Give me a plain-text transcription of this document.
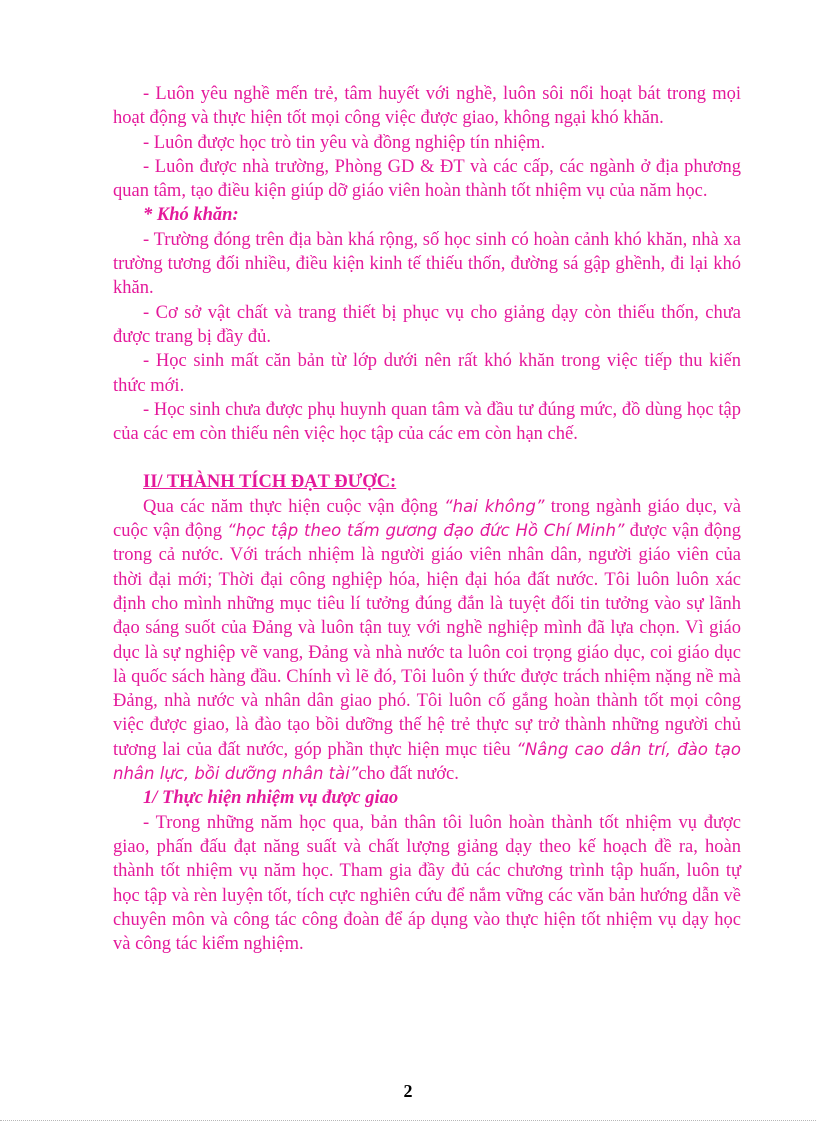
- Luôn yêu nghề mến trẻ, tâm huyết với nghề, luôn sôi nổi hoạt bát trong mọi hoạt động và thực hiện tốt mọi công việc được giao, không ngại khó khăn.

- Luôn được học trò tin yêu và đồng nghiệp tín nhiệm.

- Luôn được nhà trường, Phòng GD & ĐT và các cấp, các ngành ở địa phương quan tâm, tạo điều kiện giúp dỡ giáo viên hoàn thành tốt nhiệm vụ của năm học.

* Khó khăn:

- Trường đóng trên địa bàn khá rộng, số học sinh có hoàn cảnh khó khăn, nhà xa trường tương đối nhiều, điều kiện kinh tế thiếu thốn, đường sá gập ghềnh, đi lại khó khăn.

- Cơ sở vật chất và trang thiết bị phục vụ cho giảng dạy còn thiếu thốn, chưa được trang bị đầy đủ.

- Học sinh mất căn bản từ lớp dưới nên rất khó khăn trong việc tiếp thu kiến thức mới.

- Học sinh chưa được phụ huynh quan tâm và đầu tư đúng mức, đồ dùng học tập của các em còn thiếu nên việc học tập của các em còn hạn chế.

II/ THÀNH TÍCH ĐẠT ĐƯỢC:

Qua các năm thực hiện cuộc vận động “hai không” trong ngành giáo dục, và cuộc vận động “học tập theo tấm gương đạo đức Hồ Chí Minh” được vận động trong cả nước. Với trách nhiệm là người giáo viên nhân dân, người giáo viên của thời đại mới; Thời đại công nghiệp hóa, hiện đại hóa đất nước. Tôi luôn luôn xác định cho mình những mục tiêu lí tưởng đúng đắn là tuyệt đối tin tưởng vào sự lãnh đạo sáng suốt của Đảng và luôn tận tuỵ với nghề nghiệp mình đã lựa chọn. Vì giáo dục là sự nghiệp vẽ vang, Đảng và nhà nước ta luôn coi trọng giáo dục, coi giáo dục là quốc sách hàng đầu. Chính vì lẽ đó, Tôi luôn ý thức được trách nhiệm nặng nề mà Đảng, nhà nước và nhân dân giao phó. Tôi luôn cố gắng hoàn thành tốt mọi công việc được giao, là đào tạo bồi dưỡng thế hệ trẻ thực sự trở thành những người chủ tương lai của đất nước, góp phần thực hiện mục tiêu “Nâng cao dân trí, đào tạo nhân lực, bồi dưỡng nhân tài”cho đất nước.

1/ Thực hiện nhiệm vụ được giao

- Trong những năm học qua, bản thân tôi luôn hoàn thành tốt nhiệm vụ được giao, phấn đấu đạt năng suất và chất lượng giảng dạy theo kế hoạch đề ra, hoàn thành tốt nhiệm vụ năm học. Tham gia đầy đủ các chương trình tập huấn, luôn tự học tập và rèn luyện tốt, tích cực nghiên cứu để nắm vững các văn bản hướng dẫn về chuyên môn và công tác công đoàn để áp dụng vào thực hiện tốt nhiệm vụ dạy học và công tác kiểm nghiệm.

2
